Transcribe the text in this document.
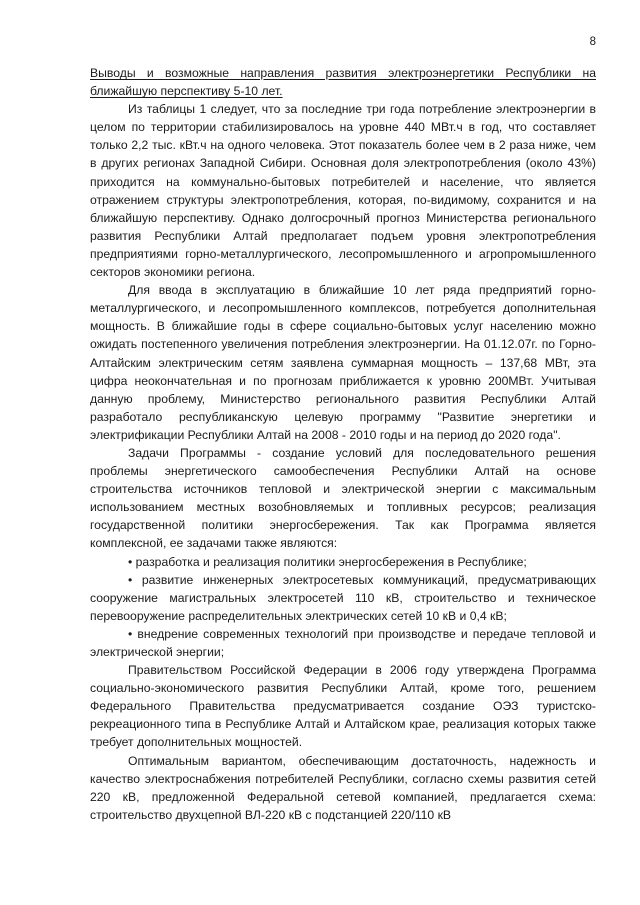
8

Выводы и возможные направления развития электроэнергетики Республики на ближайшую перспективу 5-10 лет.

Из таблицы 1 следует, что за последние три года потребление электроэнергии в целом по территории стабилизировалось на уровне 440 МВт.ч в год, что составляет только 2,2 тыс. кВт.ч на одного человека. Этот показатель более чем в 2 раза ниже, чем в других регионах Западной Сибири. Основная доля электропотребления (около 43%) приходится на коммунально-бытовых потребителей и население, что является отражением структуры электропотребления, которая, по-видимому, сохранится и на ближайшую перспективу. Однако долгосрочный прогноз Министерства регионального развития Республики Алтай предполагает подъем уровня электропотребления предприятиями горно-металлургического, лесопромышленного и агропромышленного секторов экономики региона.

Для ввода в эксплуатацию в ближайшие 10 лет ряда предприятий горно-металлургического, и лесопромышленного комплексов, потребуется дополнительная мощность. В ближайшие годы в сфере социально-бытовых услуг населению можно ожидать постепенного увеличения потребления электроэнергии. На 01.12.07г. по Горно-Алтайским электрическим сетям заявлена суммарная мощность – 137,68 МВт, эта цифра неокончательная и по прогнозам приближается к уровню 200МВт. Учитывая данную проблему, Министерство регионального развития Республики Алтай разработало республиканскую целевую программу "Развитие энергетики и электрификации Республики Алтай на 2008 - 2010 годы и на период до 2020 года".

Задачи Программы - создание условий для последовательного решения проблемы энергетического самообеспечения Республики Алтай на основе строительства источников тепловой и электрической энергии с максимальным использованием местных возобновляемых и топливных ресурсов; реализация государственной политики энергосбережения. Так как Программа является комплексной, ее задачами также являются:

• разработка и реализация политики энергосбережения в Республике;

• развитие инженерных электросетевых коммуникаций, предусматривающих сооружение магистральных электросетей 110 кВ, строительство и техническое перевооружение распределительных электрических сетей 10 кВ и 0,4 кВ;

• внедрение современных технологий при производстве и передаче тепловой и электрической энергии;

Правительством Российской Федерации в 2006 году утверждена Программа социально-экономического развития Республики Алтай, кроме того, решением Федерального Правительства предусматривается создание ОЭЗ туристско-рекреационного типа в Республике Алтай и Алтайском крае, реализация которых также требует дополнительных мощностей.

Оптимальным вариантом, обеспечивающим достаточность, надежность и качество электроснабжения потребителей Республики, согласно схемы развития сетей 220 кВ, предложенной Федеральной сетевой компанией, предлагается схема: строительство двухцепной ВЛ-220 кВ с подстанцией 220/110 кВ
